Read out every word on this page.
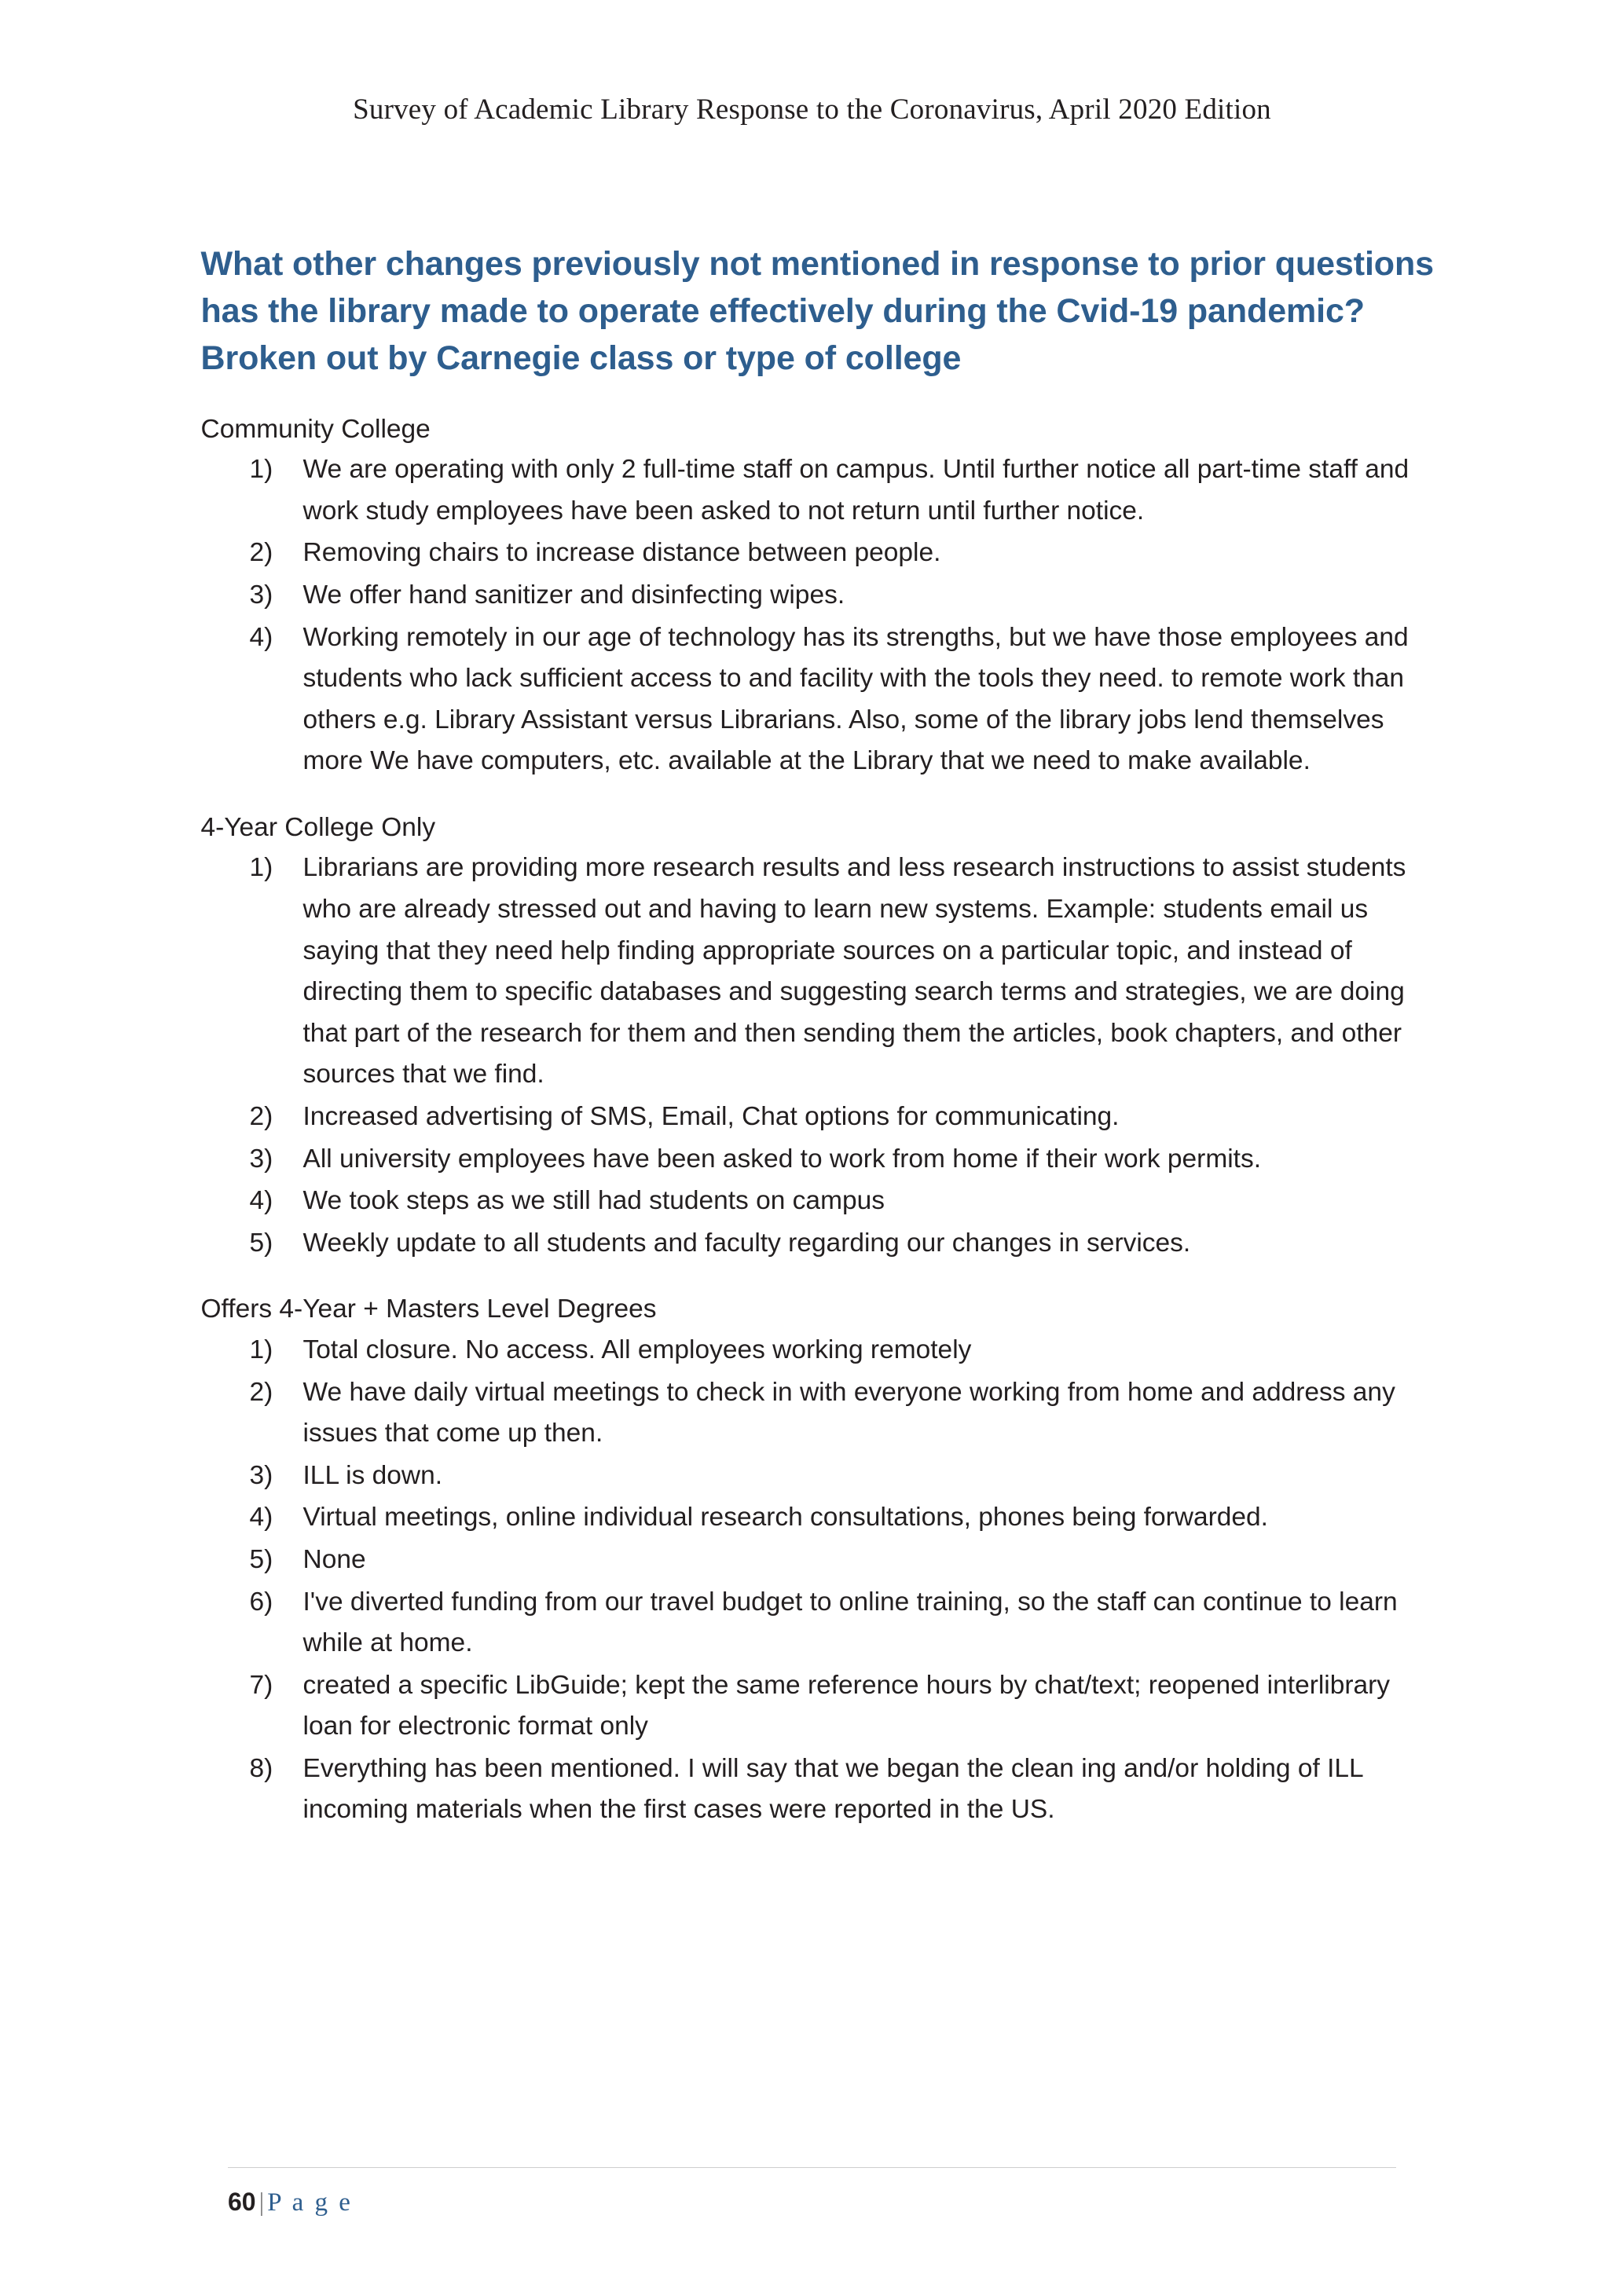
Survey of Academic Library Response to the Coronavirus, April 2020 Edition
What other changes previously not mentioned in response to prior questions has the library made to operate effectively during the Cvid-19 pandemic? Broken out by Carnegie class or type of college
Community College
1)	We are operating with only 2 full-time staff on campus. Until further notice all part-time staff and work study employees have been asked to not return until further notice.
2)	Removing chairs to increase distance between people.
3)	We offer hand sanitizer and disinfecting wipes.
4)	Working remotely in our age of technology has its strengths, but we have those employees and students who lack sufficient access to and facility with the tools they need. to remote work than others e.g. Library Assistant versus Librarians. Also, some of the library jobs lend themselves more We have computers, etc. available at the Library that we need to make available.
4-Year College Only
1)	Librarians are providing more research results and less research instructions to assist students who are already stressed out and having to learn new systems. Example: students email us saying that they need help finding appropriate sources on a particular topic, and instead of directing them to specific databases and suggesting search terms and strategies, we are doing that part of the research for them and then sending them the articles, book chapters, and other sources that we find.
2)	Increased advertising of SMS, Email, Chat options for communicating.
3)	All university employees have been asked to work from home if their work permits.
4)	We took steps as we still had students on campus
5)	Weekly update to all students and faculty regarding our changes in services.
Offers 4-Year + Masters Level Degrees
1)	Total closure. No access. All employees working remotely
2)	We have daily virtual meetings to check in with everyone working from home and address any issues that come up then.
3)	ILL is down.
4)	Virtual meetings, online individual research consultations, phones being forwarded.
5)	None
6)	I've diverted funding from our travel budget to online training, so the staff can continue to learn while at home.
7)	created a specific LibGuide; kept the same reference hours by chat/text; reopened interlibrary loan for electronic format only
8)	Everything has been mentioned. I will say that we began the clean ing and/or holding of ILL incoming materials when the first cases were reported in the US.
60 | P a g e
